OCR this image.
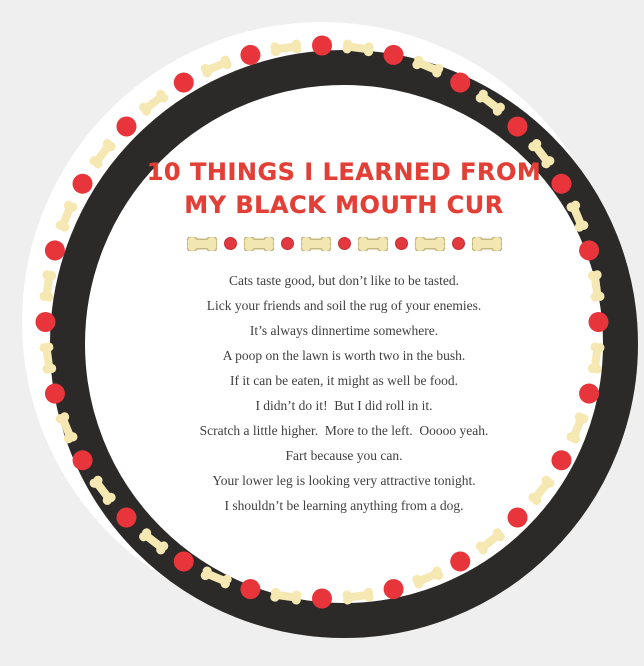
10 THINGS I LEARNED FROM
MY BLACK MOUTH CUR
Cats taste good, but don’t like to be tasted.
Lick your friends and soil the rug of your enemies.
It’s always dinnertime somewhere.
A poop on the lawn is worth two in the bush.
If it can be eaten, it might as well be food.
I didn’t do it!  But I did roll in it.
Scratch a little higher.  More to the left.  Ooooo yeah.
Fart because you can.
Your lower leg is looking very attractive tonight.
I shouldn’t be learning anything from a dog.
